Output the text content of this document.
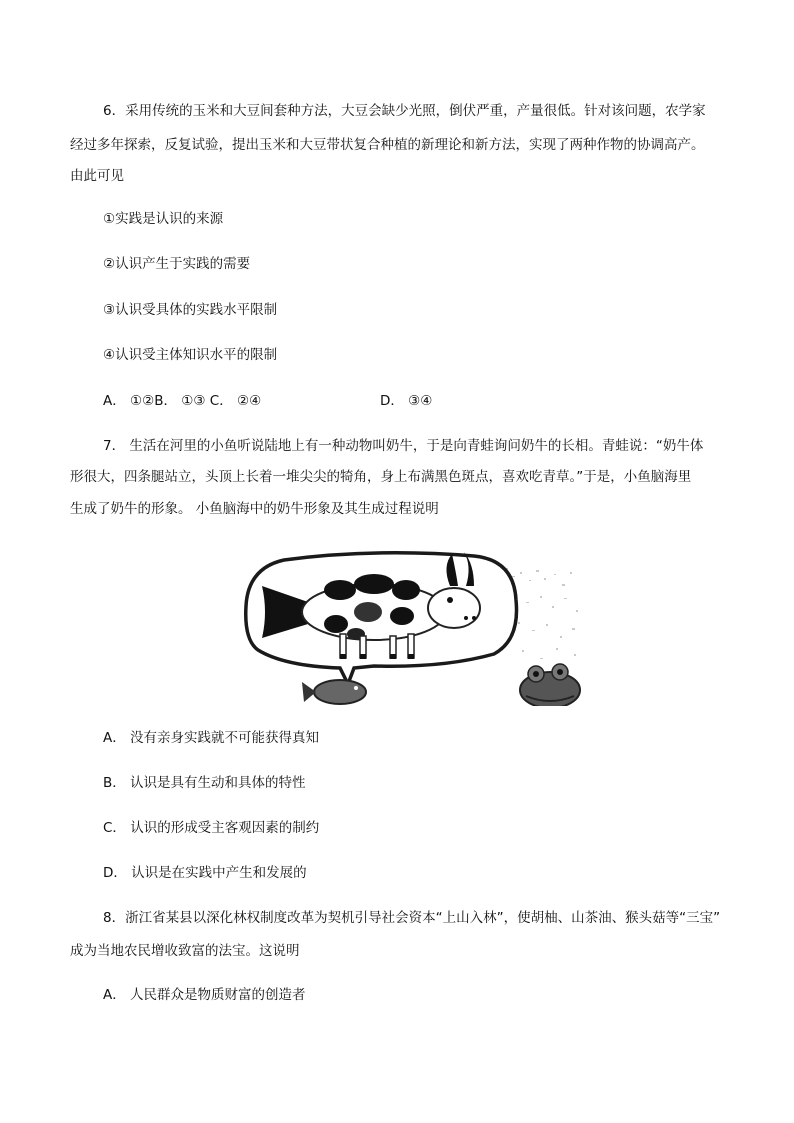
6．采用传统的玉米和大豆间套种方法，大豆会缺少光照，倒伏严重，产量很低。针对该问题，农学家
经过多年探索，反复试验，提出玉米和大豆带状复合种植的新理论和新方法，实现了两种作物的协调高产。
由此可见
①实践是认识的来源
②认识产生于实践的需要
③认识受具体的实践水平限制
④认识受主体知识水平的限制
A． ①②B． ①③ C． ②④	D． ③④
7． 生活在河里的小鱼听说陆地上有一种动物叫奶牛，于是向青蛙询问奶牛的长相。青蛙说：“奶牛体
形很大，四条腿站立，头顶上长着一堆尖尖的犄角，身上布满黑色斑点，喜欢吃青草。”于是，小鱼脑海里
A． 没有亲身实践就不可能获得真知
B． 认识是具有生动和具体的特性
C． 认识的形成受主客观因素的制约
D． 认识是在实践中产生和发展的
8．浙江省某县以深化林权制度改革为契机引导社会资本“上山入林”，使胡柚、山茶油、猴头菇等“三宝”
成为当地农民增收致富的法宝。这说明
A． 人民群众是物质财富的创造者
生成了奶牛的形象。 小鱼脑海中的奶牛形象及其生成过程说明
